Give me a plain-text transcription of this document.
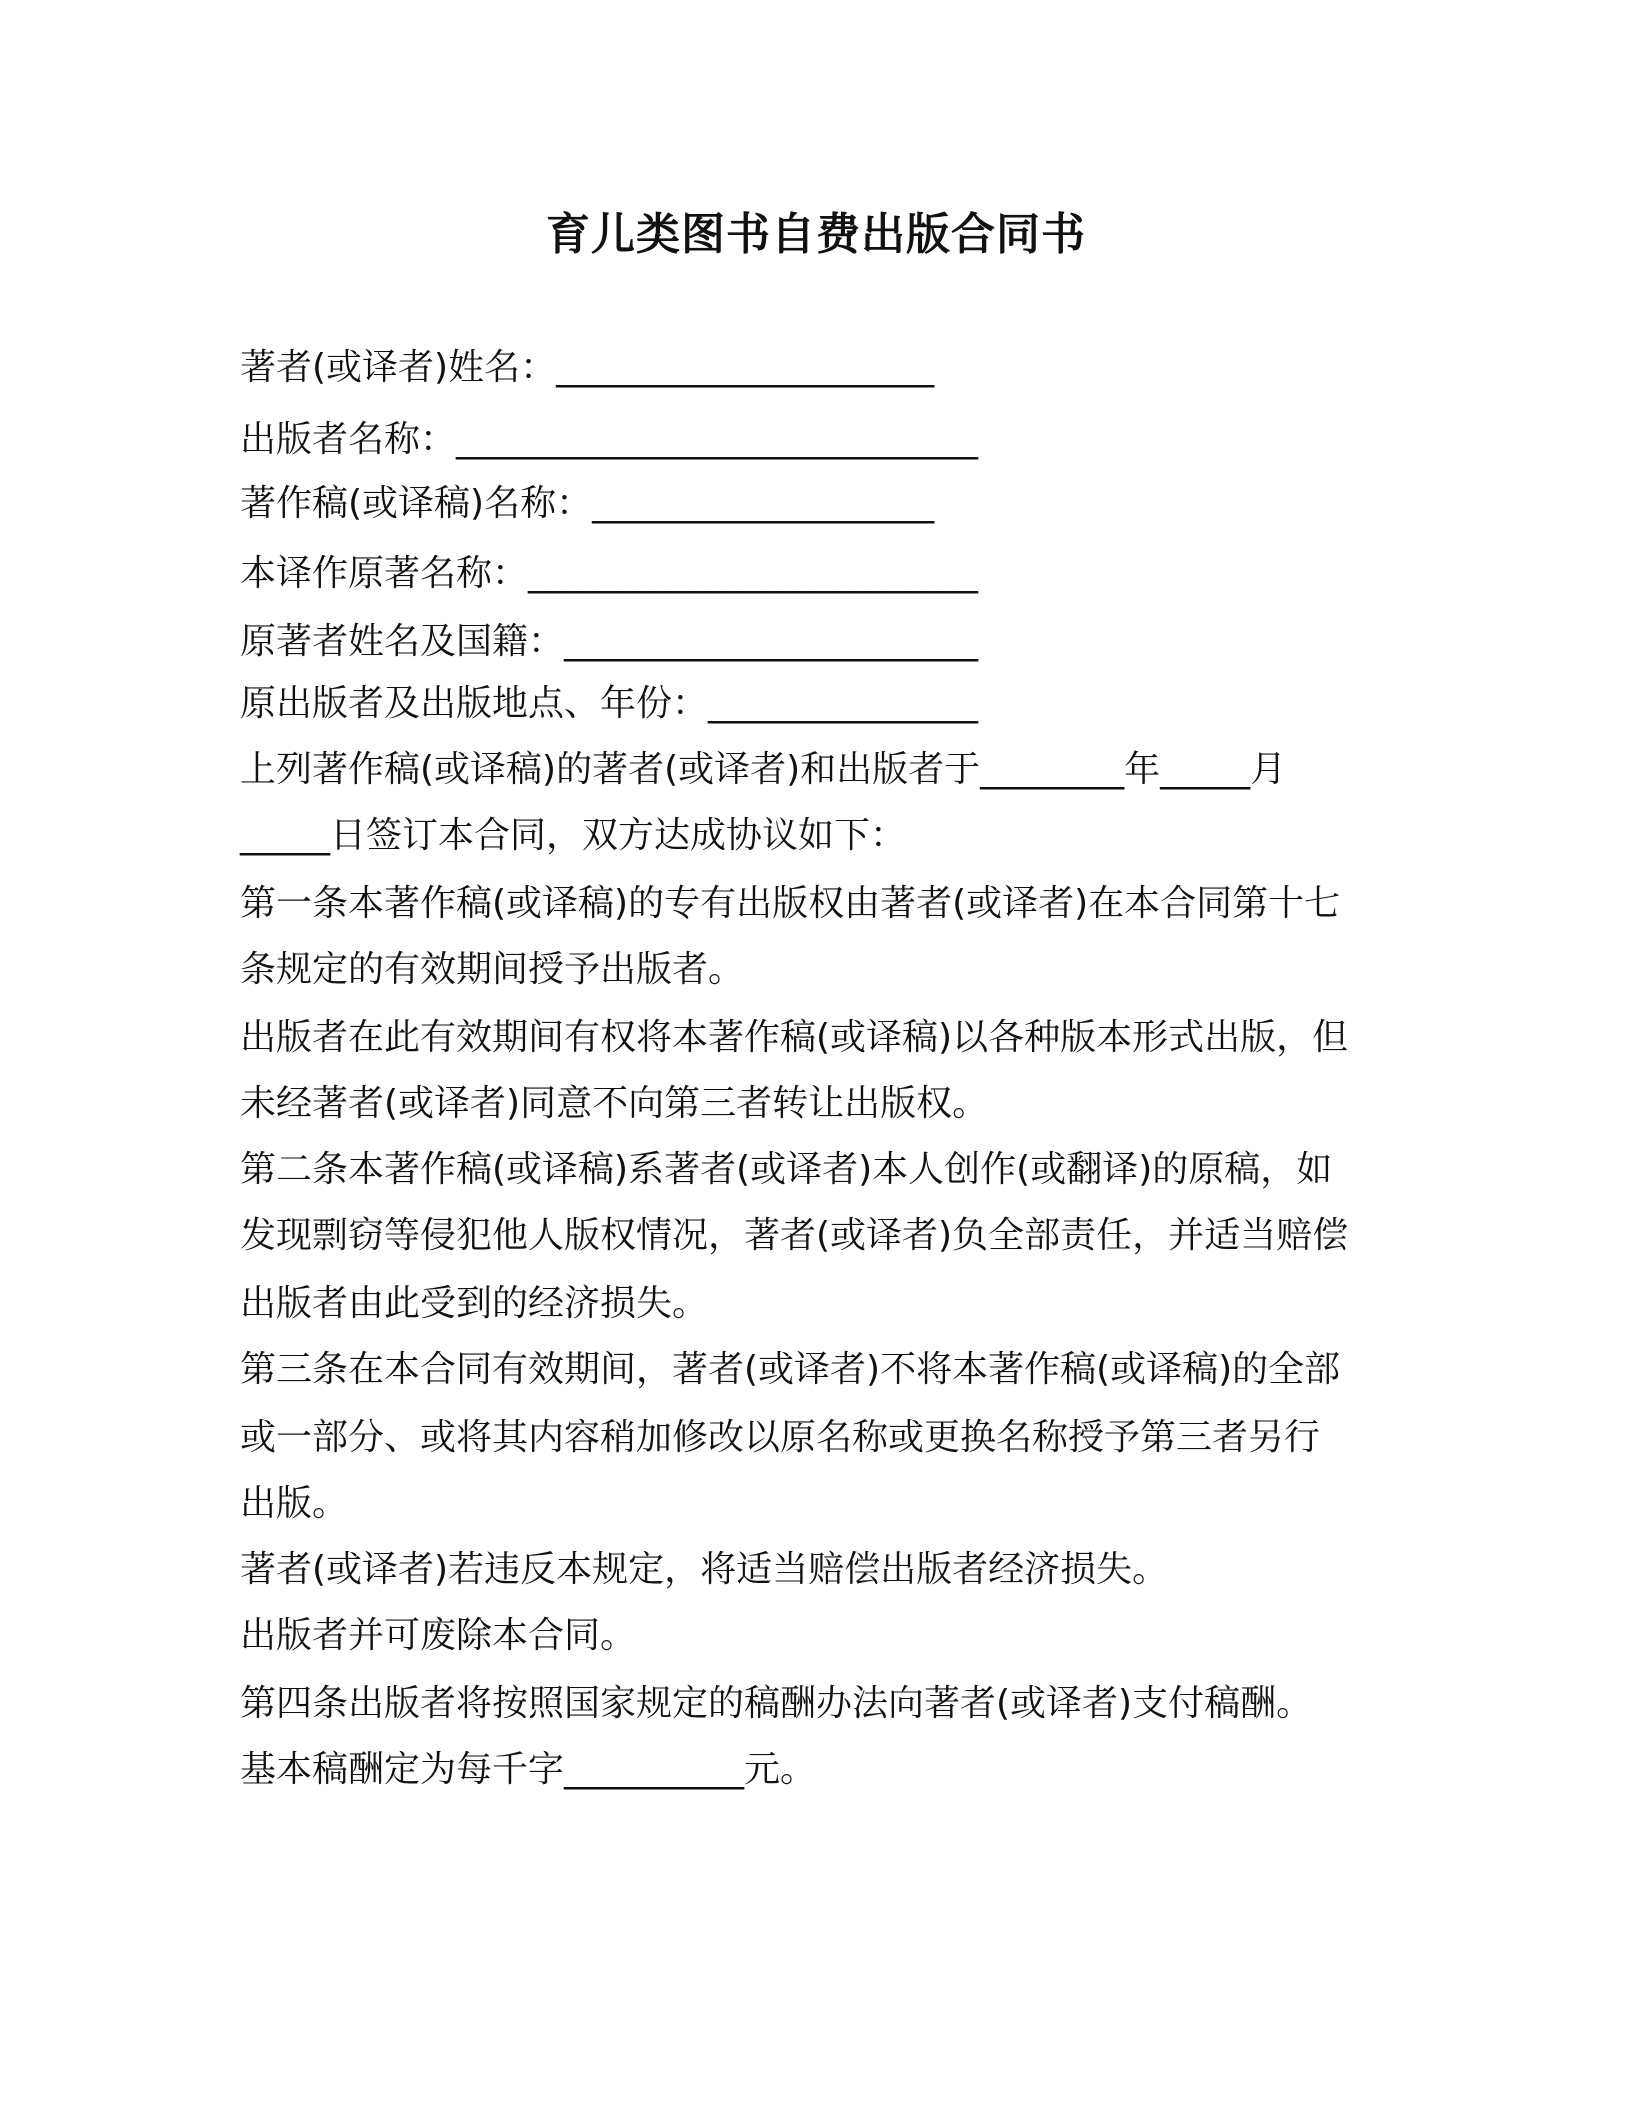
育儿类图书自费出版合同书
著者(或译者)姓名：_____________________
出版者名称：_____________________________
著作稿(或译稿)名称：___________________
本译作原著名称：_________________________
原著者姓名及国籍：_______________________
原出版者及出版地点、年份：_______________
上列著作稿(或译稿)的著者(或译者)和出版者于________年_____月
_____日签订本合同，双方达成协议如下：
第一条本著作稿(或译稿)的专有出版权由著者(或译者)在本合同第十七
条规定的有效期间授予出版者。
出版者在此有效期间有权将本著作稿(或译稿)以各种版本形式出版，但
未经著者(或译者)同意不向第三者转让出版权。
第二条本著作稿(或译稿)系著者(或译者)本人创作(或翻译)的原稿，如
发现剽窃等侵犯他人版权情况，著者(或译者)负全部责任，并适当赔偿
出版者由此受到的经济损失。
第三条在本合同有效期间，著者(或译者)不将本著作稿(或译稿)的全部
或一部分、或将其内容稍加修改以原名称或更换名称授予第三者另行
出版。
著者(或译者)若违反本规定，将适当赔偿出版者经济损失。
出版者并可废除本合同。
第四条出版者将按照国家规定的稿酬办法向著者(或译者)支付稿酬。
基本稿酬定为每千字__________元。
